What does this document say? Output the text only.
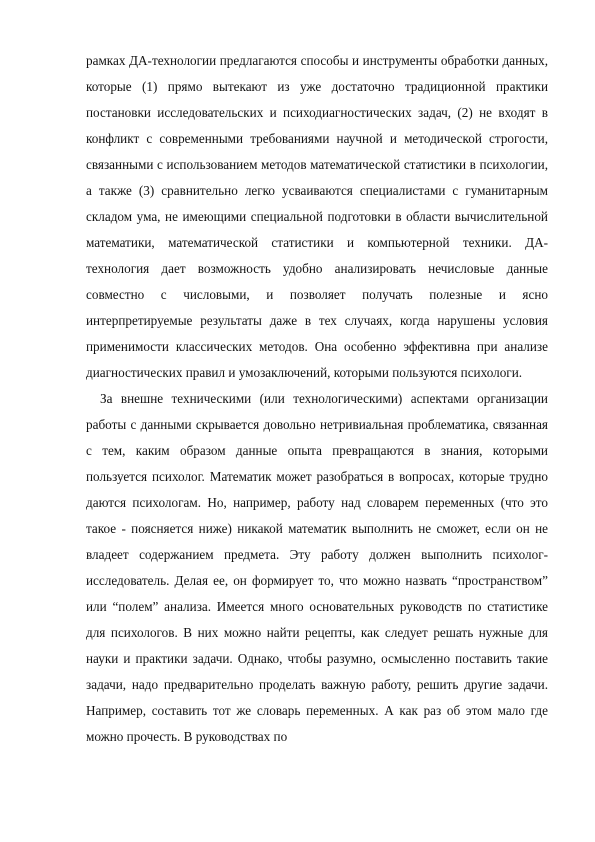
рамках ДА-технологии предлагаются способы и инструменты обработки данных, которые (1) прямо вытекают из уже достаточно традиционной практики постановки исследовательских и психодиагностических задач, (2) не входят в конфликт с современными требованиями научной и методической строгости, связанными с использованием методов математической статистики в психологии, а также (3) сравнительно легко усваиваются специалистами с гуманитарным складом ума, не имеющими специальной подготовки в области вычислительной математики, математической статистики и компьютерной техники. ДА-технология дает возможность удобно анализировать нечисловые данные совместно с числовыми, и позволяет получать полезные и ясно интерпретируемые результаты даже в тех случаях, когда нарушены условия применимости классических методов. Она особенно эффективна при анализе диагностических правил и умозаключений, которыми пользуются психологи.

За внешне техническими (или технологическими) аспектами организации работы с данными скрывается довольно нетривиальная проблематика, связанная с тем, каким образом данные опыта превращаются в знания, которыми пользуется психолог. Математик может разобраться в вопросах, которые трудно даются психологам. Но, например, работу над словарем переменных (что это такое - поясняется ниже) никакой математик выполнить не сможет, если он не владеет содержанием предмета. Эту работу должен выполнить психолог-исследователь. Делая ее, он формирует то, что можно назвать “пространством” или “полем” анализа. Имеется много основательных руководств по статистике для психологов. В них можно найти рецепты, как следует решать нужные для науки и практики задачи. Однако, чтобы разумно, осмысленно поставить такие задачи, надо предварительно проделать важную работу, решить другие задачи. Например, составить тот же словарь переменных. А как раз об этом мало где можно прочесть. В руководствах по
